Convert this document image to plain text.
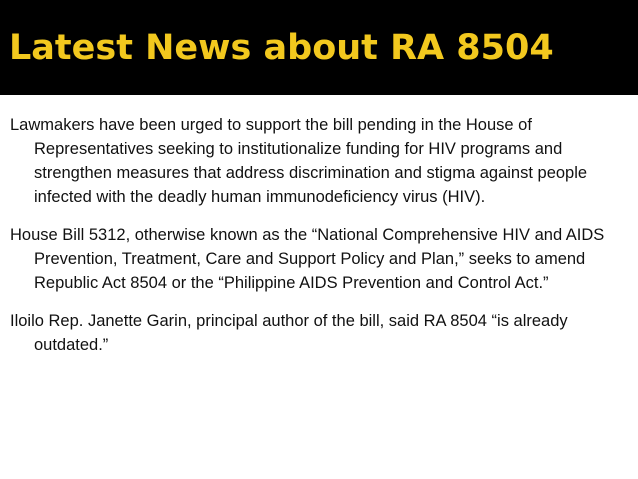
Latest News about RA 8504

Lawmakers have been urged to support the bill pending in the House of Representatives seeking to institutionalize funding for HIV programs and strengthen measures that address discrimination and stigma against people infected with the deadly human immunodeficiency virus (HIV).

House Bill 5312, otherwise known as the “National Comprehensive HIV and AIDS Prevention, Treatment, Care and Support Policy and Plan,” seeks to amend Republic Act 8504 or the “Philippine AIDS Prevention and Control Act.”

Iloilo Rep. Janette Garin, principal author of the bill, said RA 8504 “is already outdated.”
